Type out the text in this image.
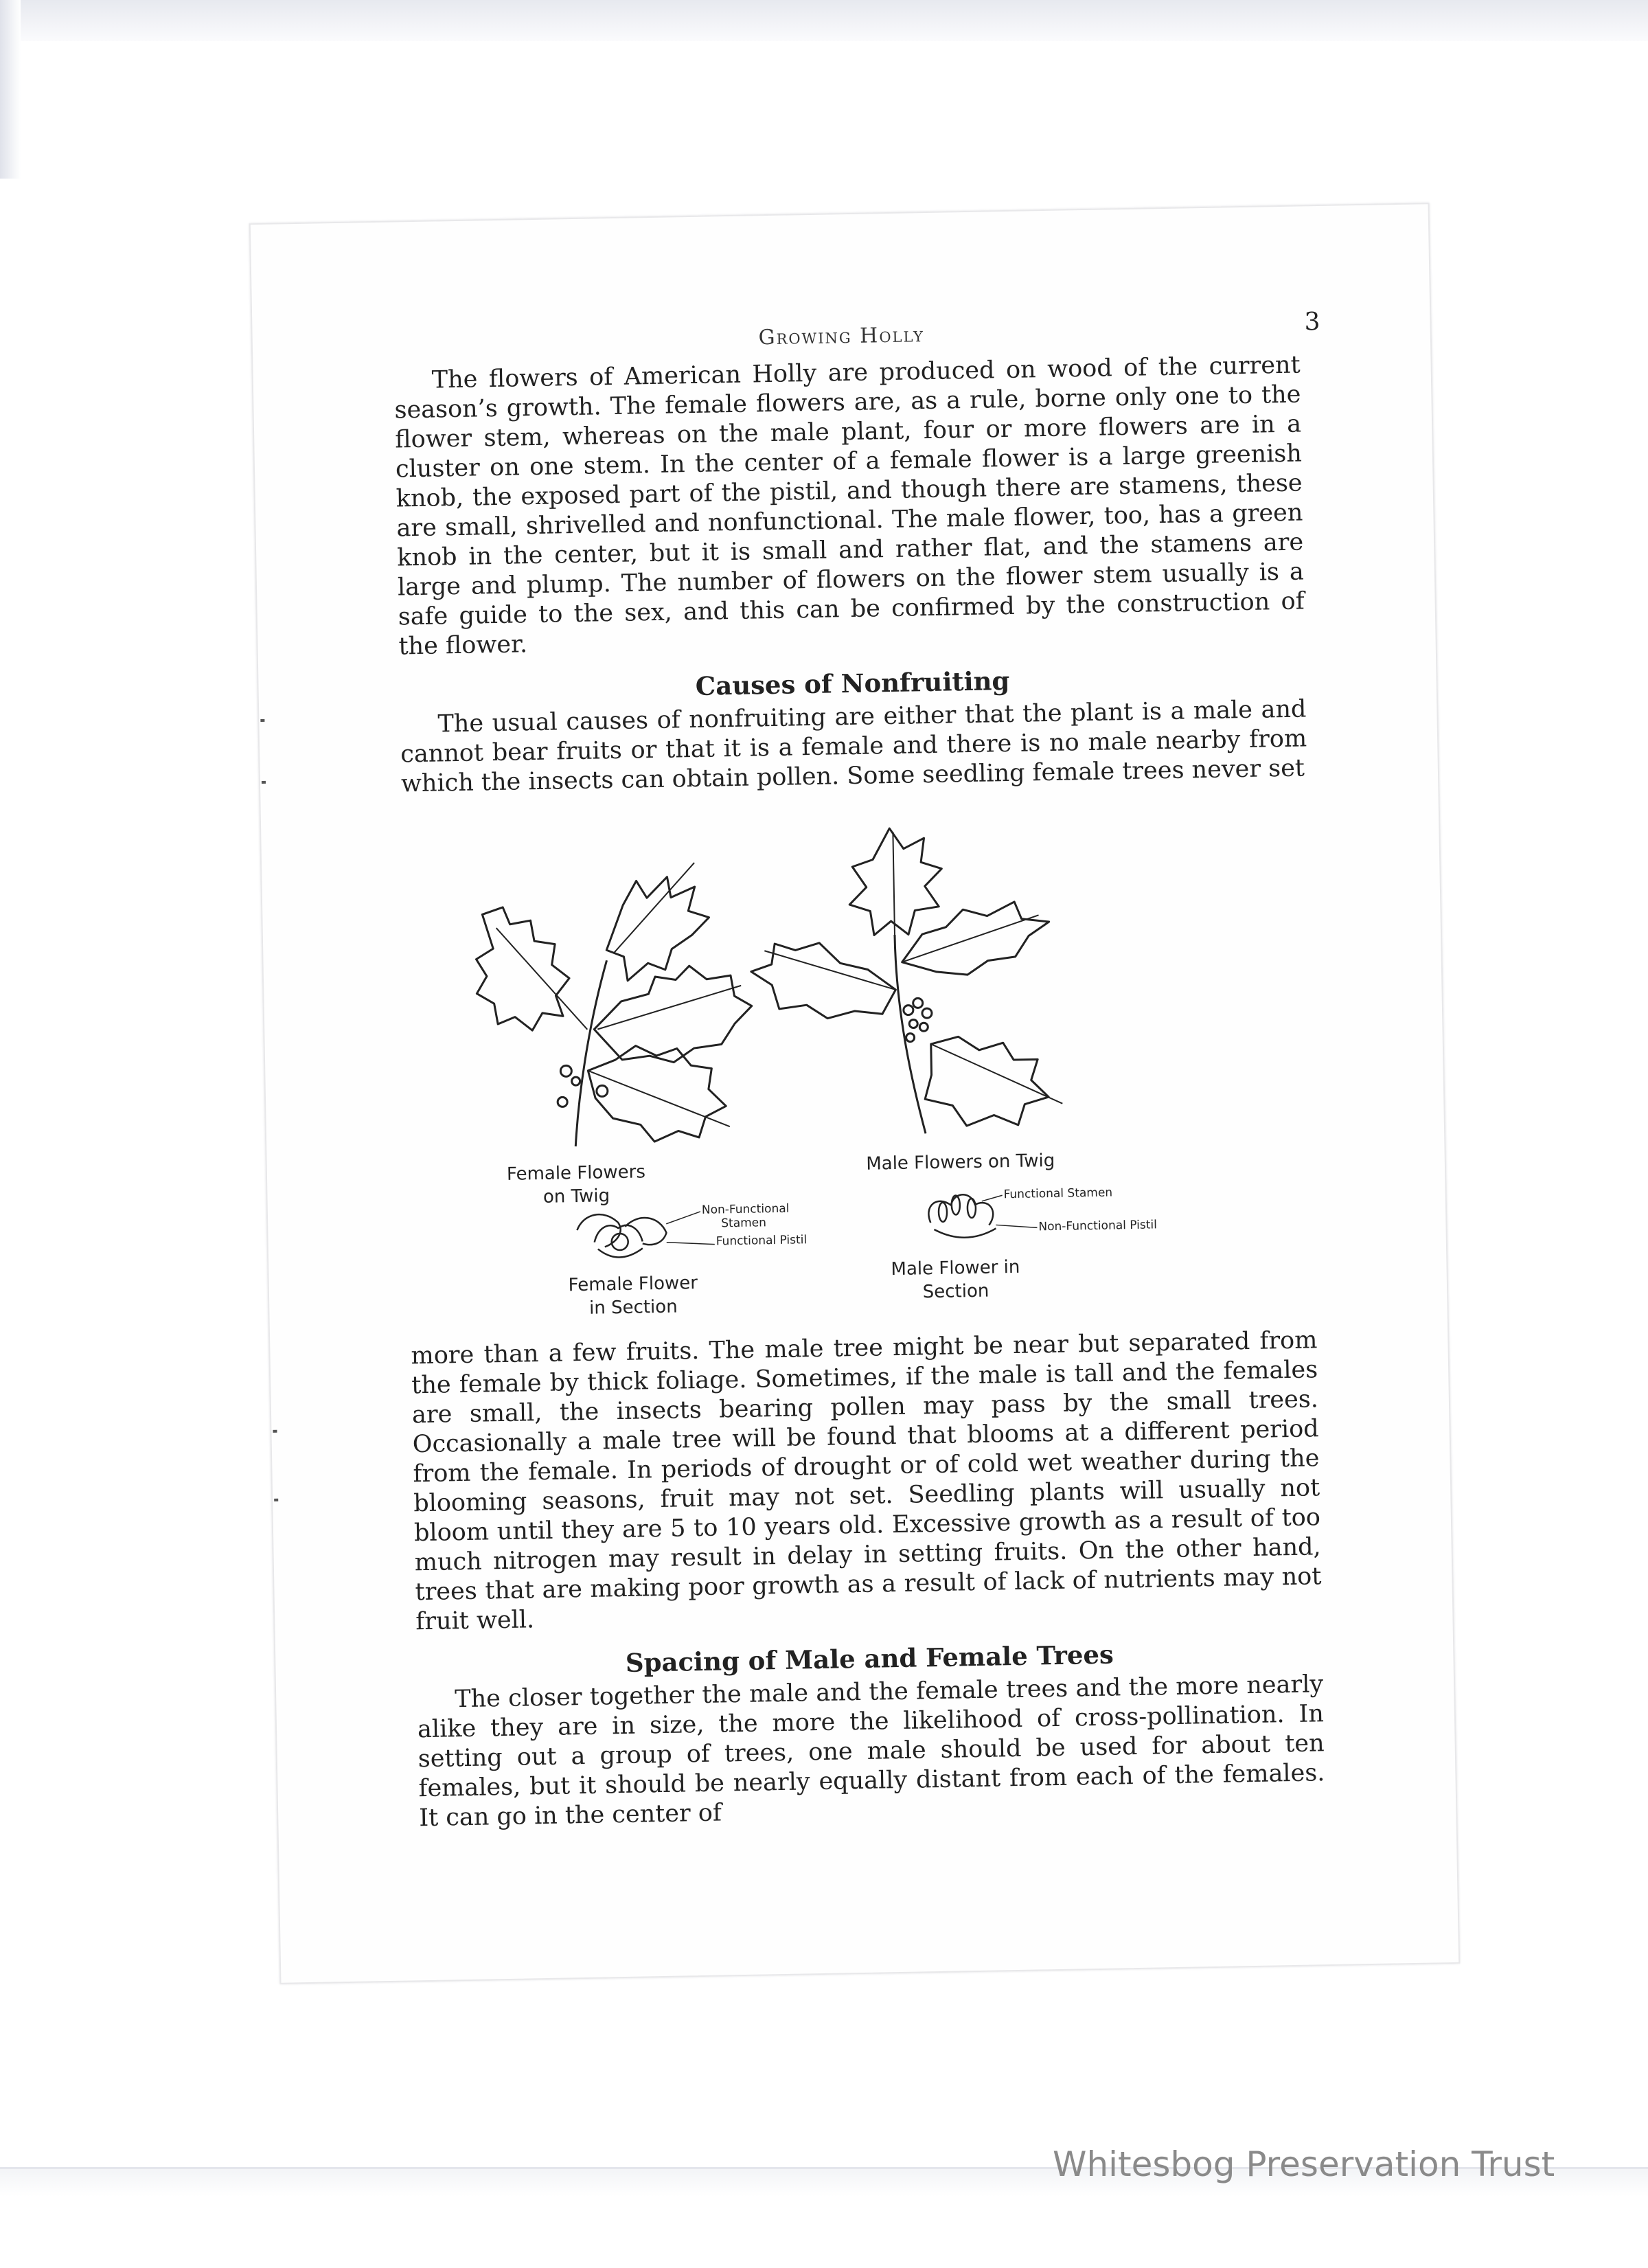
Growing Holly
3

The flowers of American Holly are produced on wood of the current season’s growth. The female flowers are, as a rule, borne only one to the flower stem, whereas on the male plant, four or more flowers are in a cluster on one stem. In the center of a female flower is a large greenish knob, the exposed part of the pistil, and though there are stamens, these are small, shrivelled and nonfunctional. The male flower, too, has a green knob in the center, but it is small and rather flat, and the stamens are large and plump. The number of flowers on the flower stem usually is a safe guide to the sex, and this can be confirmed by the construction of the flower.

Causes of Nonfruiting

The usual causes of nonfruiting are either that the plant is a male and cannot bear fruits or that it is a female and there is no male nearby from which the insects can obtain pollen. Some seedling female trees never set

Female Flowers
on Twig
Male Flowers on Twig
Non-Functional
Stamen
Functional Pistil
Female Flower
in Section
Functional Stamen
Non-Functional Pistil
Male Flower in
Section

more than a few fruits. The male tree might be near but separated from the female by thick foliage. Sometimes, if the male is tall and the females are small, the insects bearing pollen may pass by the small trees. Occasionally a male tree will be found that blooms at a different period from the female. In periods of drought or of cold wet weather during the blooming seasons, fruit may not set. Seedling plants will usually not bloom until they are 5 to 10 years old. Excessive growth as a result of too much nitrogen may result in delay in setting fruits. On the other hand, trees that are making poor growth as a result of lack of nutrients may not fruit well.

Spacing of Male and Female Trees

The closer together the male and the female trees and the more nearly alike they are in size, the more the likelihood of cross-pollination. In setting out a group of trees, one male should be used for about ten females, but it should be nearly equally distant from each of the females. It can go in the center of

Whitesbog Preservation Trust
